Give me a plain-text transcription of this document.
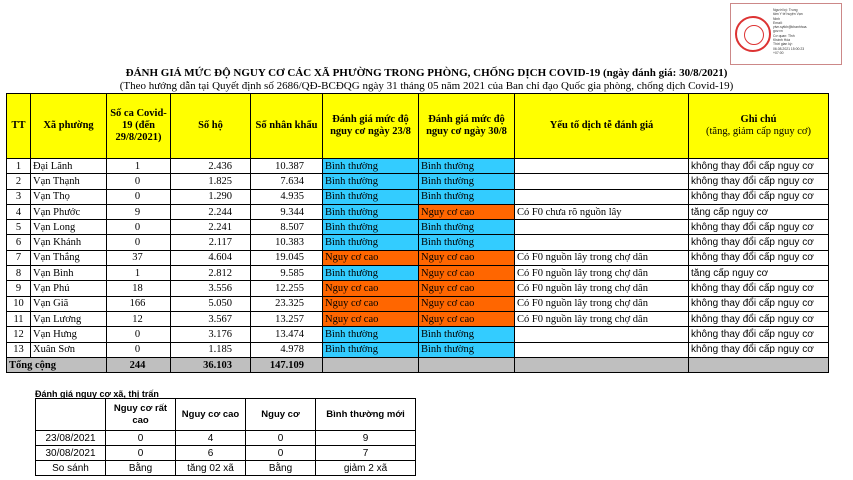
Người ký: Trung
tâm Y tế huyện Vạn
Ninh
Email:
ytvn.sytkh@khanhhoa.
gov.vn
Cơ quan: Tỉnh
Khánh Hòa
Thời gian ký:
06.08.2021 15:00:23
+07:00
ĐÁNH GIÁ MỨC ĐỘ NGUY CƠ CÁC XÃ PHƯỜNG TRONG PHÒNG, CHỐNG DỊCH COVID-19 (ngày đánh giá: 30/8/2021)
(Theo hướng dẫn tại Quyết định số 2686/QĐ-BCĐQG ngày 31 tháng 05 năm 2021 của Ban chỉ đạo Quốc gia phòng, chống dịch Covid-19)
TT	Xã phường	Số ca Covid-19 (đến 29/8/2021)	Số hộ	Số nhân khẩu	Đánh giá mức độ nguy cơ ngày 23/8	Đánh giá mức độ nguy cơ ngày 30/8	Yếu tố dịch tễ đánh giá	Ghi chú
(tăng, giảm cấp nguy cơ)

1	Đại Lãnh	1	2.436	10.387	Bình thường	Bình thường		không thay đổi cấp nguy cơ
2	Vạn Thạnh	0	1.825	7.634	Bình thường	Bình thường		không thay đổi cấp nguy cơ
3	Vạn Thọ	0	1.290	4.935	Bình thường	Bình thường		không thay đổi cấp nguy cơ
4	Vạn Phước	9	2.244	9.344	Bình thường	Nguy cơ cao	Có F0 chưa rõ nguồn lây	tăng cấp nguy cơ
5	Vạn Long	0	2.241	8.507	Bình thường	Bình thường		không thay đổi cấp nguy cơ
6	Vạn Khánh	0	2.117	10.383	Bình thường	Bình thường		không thay đổi cấp nguy cơ
7	Vạn Thắng	37	4.604	19.045	Nguy cơ cao	Nguy cơ cao	Có F0 nguồn lây trong chợ dân	không thay đổi cấp nguy cơ
8	Vạn Bình	1	2.812	9.585	Bình thường	Nguy cơ cao	Có F0 nguồn lây trong chợ dân	tăng cấp nguy cơ
9	Vạn Phú	18	3.556	12.255	Nguy cơ cao	Nguy cơ cao	Có F0 nguồn lây trong chợ dân	không thay đổi cấp nguy cơ
10	Vạn Giã	166	5.050	23.325	Nguy cơ cao	Nguy cơ cao	Có F0 nguồn lây trong chợ dân	không thay đổi cấp nguy cơ
11	Vạn Lương	12	3.567	13.257	Nguy cơ cao	Nguy cơ cao	Có F0 nguồn lây trong chợ dân	không thay đổi cấp nguy cơ
12	Vạn Hưng	0	3.176	13.474	Bình thường	Bình thường		không thay đổi cấp nguy cơ
13	Xuân Sơn	0	1.185	4.978	Bình thường	Bình thường		không thay đổi cấp nguy cơ
Tổng cộng		244	36.103	147.109				
Đánh giá nguy cơ xã, thị trấn
	Nguy cơ rất cao	Nguy cơ cao	Nguy cơ	Bình thường mới
23/08/2021	0	4	0	9
30/08/2021	0	6	0	7
So sánh	Bằng	tăng 02 xã	Bằng	giảm 2 xã
